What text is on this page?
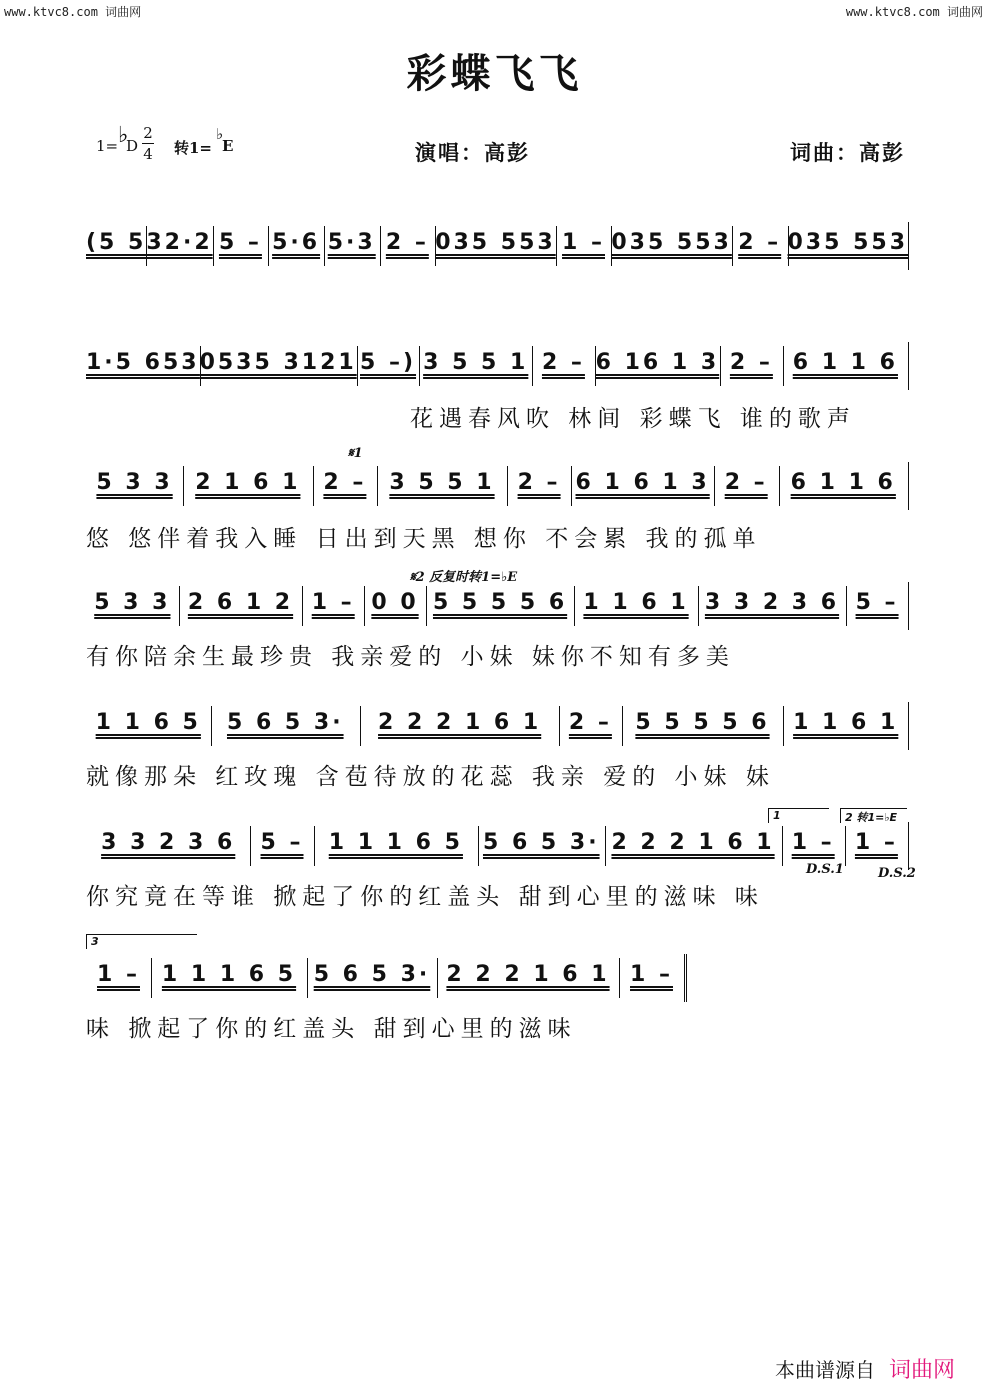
www.ktvc8.com 词曲网	www.ktvc8.com 词曲网
彩蝶飞飞
1= ♭
D
2
4 转1=
♭
E	演唱：高彭	词曲：高彭
(5 5 32·2 5 – 5·6 5·3 2 – 035 553 1 – 035 553 2 – 035 553
1·5 653 0535 3121 5 –) 3 5 5 1 2 – 6 16 1 3 2 – 6 1 1 6
花遇春风吹 林间 彩蝶飞 谁的歌声
𝄋1
5 3 3	2 1 6 1	2 –	3 5 5 1	2 – 6 1 6 1 3 2 –	6 1 1 6
悠 悠伴着我入睡 日出到天黑 想你 不会累 我的孤单
𝄋2 反复时转1=♭E
5 3 3 2 6 1 2 1 – 0 0 5 5 5 5 6 1 1 6 1 3 3 2 3 6 5 –
有你陪余生最珍贵 我亲爱的 小妹 妹你不知有多美
1 1 6 5	5 6 5 3·	2 2 2 1 6 1	2 –	5 5 5 5 6	1 1 6 1
就像那朵 红玫瑰 含苞待放的花蕊 我亲 爱的 小妹 妹
1	2 转1=♭E
3 3 2 3 6	5 –	1 1 1 6 5 5 6 5 3· 2 2 2 1 6 1 1 – 1 –
D.S.1	D.S.2
你究竟在等谁 掀起了你的红盖头 甜到心里的滋味 味
3
1 – 1 1 1 6 5 5 6 5 3· 2 2 2 1 6 1 1 –
味 掀起了你的红盖头 甜到心里的滋味
本曲谱源自 词曲网
